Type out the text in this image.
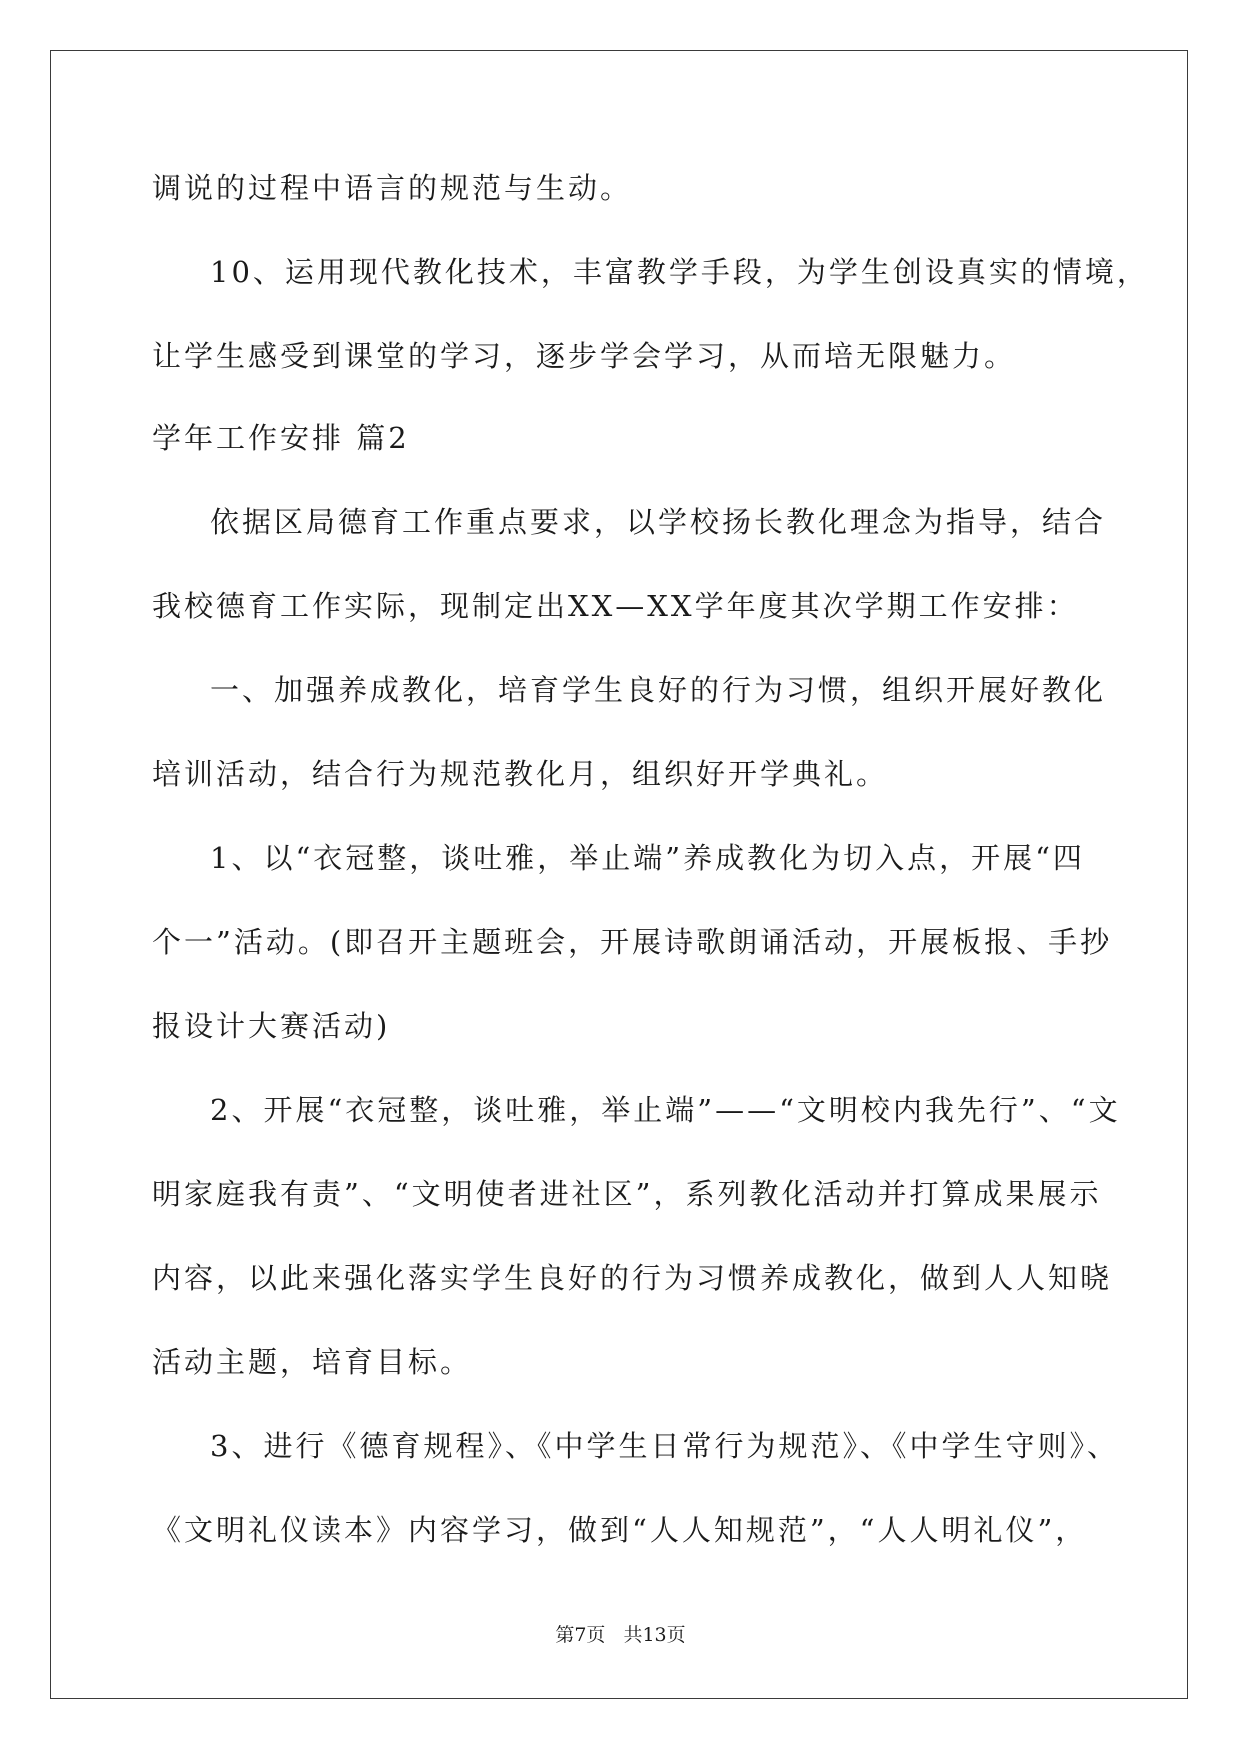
调说的过程中语言的规范与生动。
10、运用现代教化技术，丰富教学手段，为学生创设真实的情境，
让学生感受到课堂的学习，逐步学会学习，从而培无限魅力。
学年工作安排 篇2
依据区局德育工作重点要求，以学校扬长教化理念为指导，结合
我校德育工作实际，现制定出XX—XX学年度其次学期工作安排：
一、加强养成教化，培育学生良好的行为习惯，组织开展好教化
培训活动，结合行为规范教化月，组织好开学典礼。
1、以“衣冠整，谈吐雅，举止端”养成教化为切入点，开展“四
个一”活动。(即召开主题班会，开展诗歌朗诵活动，开展板报、手抄
报设计大赛活动)
2、开展“衣冠整，谈吐雅，举止端”——“文明校内我先行”、“文
明家庭我有责”、“文明使者进社区”，系列教化活动并打算成果展示
内容，以此来强化落实学生良好的行为习惯养成教化，做到人人知晓
活动主题，培育目标。
3、进行《德育规程》、《中学生日常行为规范》、《中学生守则》、
《文明礼仪读本》内容学习，做到“人人知规范”，“人人明礼仪”，
第7页 共13页
